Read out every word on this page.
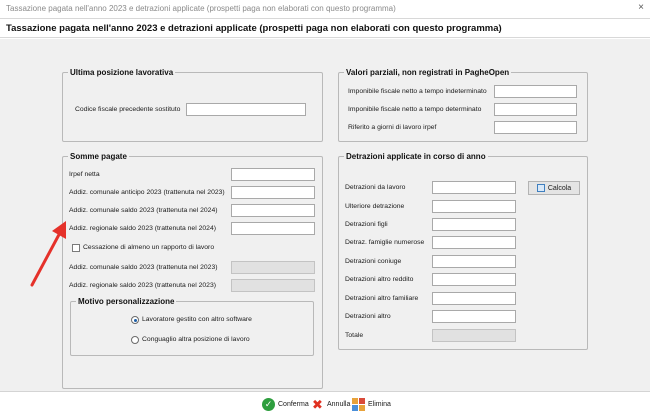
Tassazione pagata nell'anno 2023 e detrazioni applicate (prospetti paga non elaborati con questo programma)	×
Tassazione pagata nell'anno 2023 e detrazioni applicate (prospetti paga non elaborati con questo programma)
Ultima posizione lavorativa
Codice fiscale precedente sostituto
Valori parziali, non registrati in PagheOpen
Imponibile fiscale netto a tempo indeterminato
Imponibile fiscale netto a tempo determinato
Riferito a giorni di lavoro irpef
Somme pagate
Irpef netta
Addiz. comunale anticipo 2023 (trattenuta nel 2023)
Addiz. comunale saldo 2023 (trattenuta nel 2024)
Addiz. regionale saldo 2023 (trattenuta nel 2024)
Cessazione di almeno un rapporto di lavoro
Addiz. comunale saldo 2023 (trattenuta nel 2023)
Addiz. regionale saldo 2023 (trattenuta nel 2023)
Motivo personalizzazione
Lavoratore gestito con altro software
Conguaglio altra posizione di lavoro
Detrazioni applicate in corso di anno
Detrazioni da lavoro	Calcola
Ulteriore detrazione
Detrazioni figli
Detraz. famiglie numerose
Detrazioni coniuge
Detrazioni altro reddito
Detrazioni altro familiare
Detrazioni altro
Totale
✓ Conferma ✖ Annulla	Elimina
